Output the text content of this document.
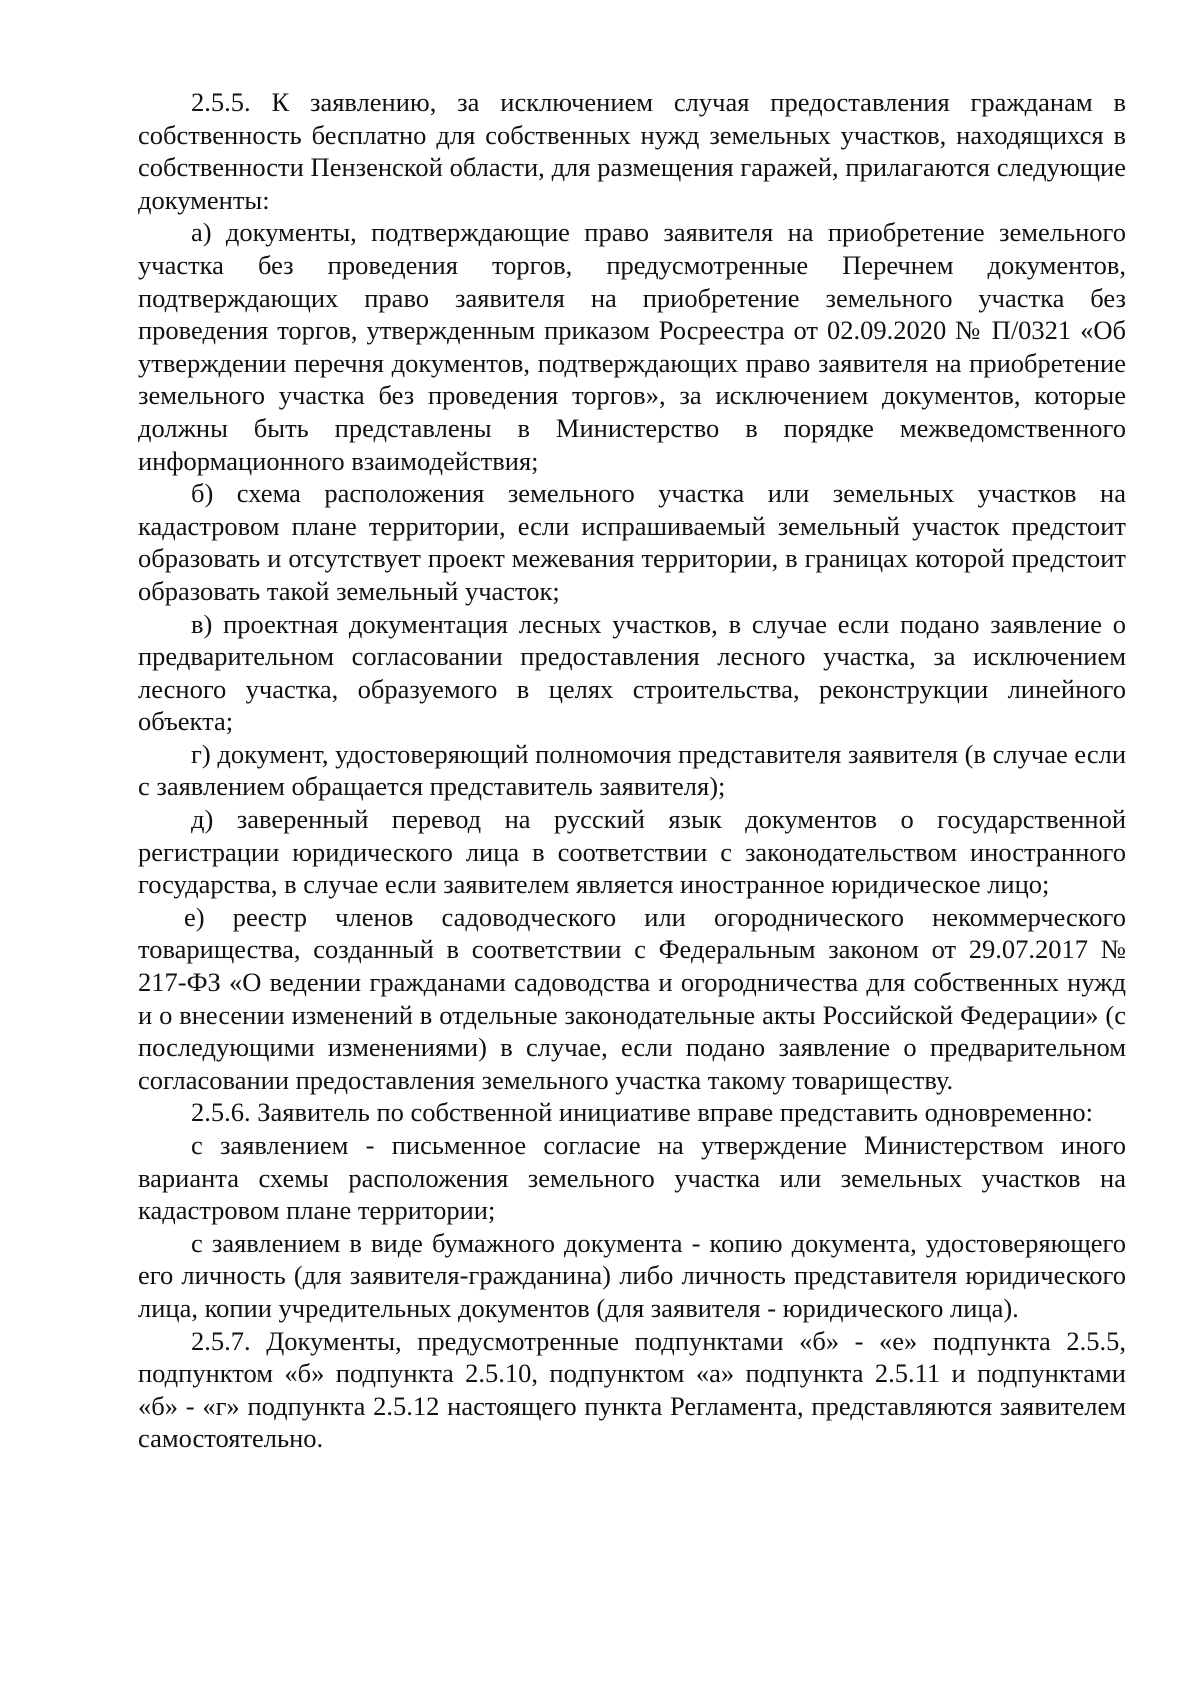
2.5.5. К заявлению, за исключением случая предоставления гражданам в собственность бесплатно для собственных нужд земельных участков, находящихся в собственности Пензенской области, для размещения гаражей, прилагаются следующие документы:

а) документы, подтверждающие право заявителя на приобретение земельного участка без проведения торгов, предусмотренные Перечнем документов, подтверждающих право заявителя на приобретение земельного участка без проведения торгов, утвержденным приказом Росреестра от 02.09.2020 № П/0321 «Об утверждении перечня документов, подтверждающих право заявителя на приобретение земельного участка без проведения торгов», за исключением документов, которые должны быть представлены в Министерство в порядке межведомственного информационного взаимодействия;

б) схема расположения земельного участка или земельных участков на кадастровом плане территории, если испрашиваемый земельный участок предстоит образовать и отсутствует проект межевания территории, в границах которой предстоит образовать такой земельный участок;

в) проектная документация лесных участков, в случае если подано заявление о предварительном согласовании предоставления лесного участка, за исключением лесного участка, образуемого в целях строительства, реконструкции линейного объекта;

г) документ, удостоверяющий полномочия представителя заявителя (в случае если с заявлением обращается представитель заявителя);

д) заверенный перевод на русский язык документов о государственной регистрации юридического лица в соответствии с законодательством иностранного государства, в случае если заявителем является иностранное юридическое лицо;

е) реестр членов садоводческого или огороднического некоммерческого товарищества, созданный в соответствии с Федеральным законом от 29.07.2017 № 217-ФЗ «О ведении гражданами садоводства и огородничества для собственных нужд и о внесении изменений в отдельные законодательные акты Российской Федерации» (с последующими изменениями) в случае, если подано заявление о предварительном согласовании предоставления земельного участка такому товариществу.

2.5.6. Заявитель по собственной инициативе вправе представить одновременно:

с заявлением - письменное согласие на утверждение Министерством иного варианта схемы расположения земельного участка или земельных участков на кадастровом плане территории;

с заявлением в виде бумажного документа - копию документа, удостоверяющего его личность (для заявителя-гражданина) либо личность представителя юридического лица, копии учредительных документов (для заявителя - юридического лица).

2.5.7. Документы, предусмотренные подпунктами «б» - «е» подпункта 2.5.5, подпунктом «б» подпункта 2.5.10, подпунктом «а» подпункта 2.5.11 и подпунктами «б» - «г» подпункта 2.5.12 настоящего пункта Регламента, представляются заявителем самостоятельно.
